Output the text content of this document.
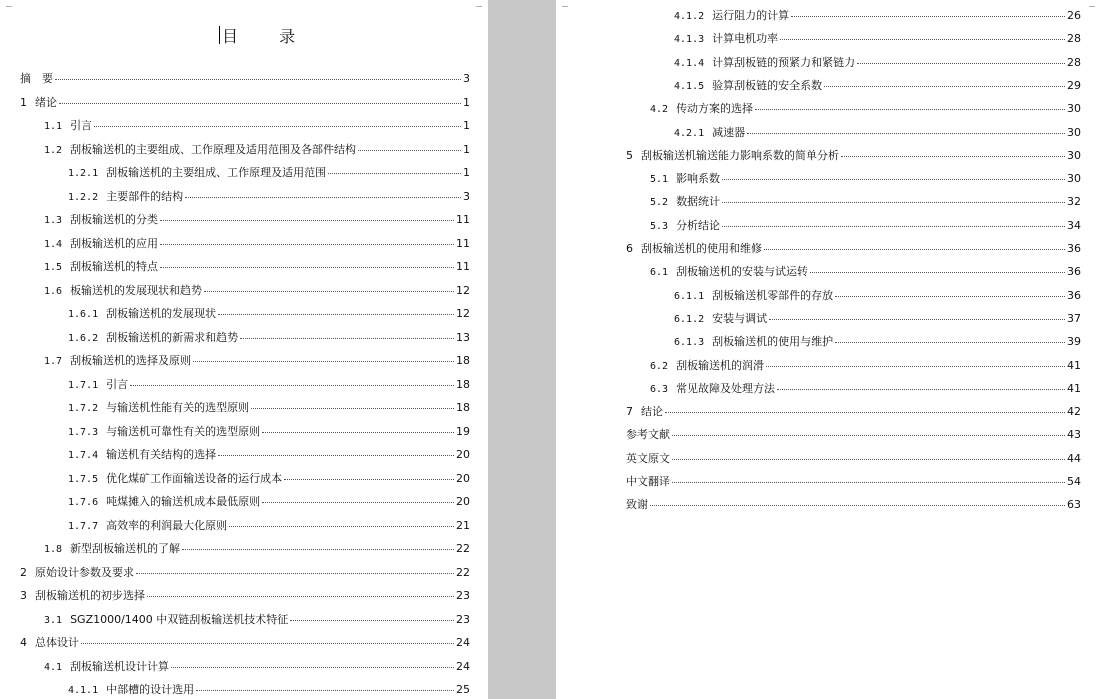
目 录
摘　要	3
1 绪论	1
1.1 引言	1
1.2 刮板输送机的主要组成、工作原理及适用范围及各部件结构	1
1.2.1 刮板输送机的主要组成、工作原理及适用范围	1
1.2.2 主要部件的结构	3
1.3 刮板输送机的分类	11
1.4 刮板输送机的应用	11
1.5 刮板输送机的特点	11
1.6 板输送机的发展现状和趋势	12
1.6.1 刮板输送机的发展现状	12
1.6.2 刮板输送机的新需求和趋势	13
1.7 刮板输送机的选择及原则	18
1.7.1 引言	18
1.7.2 与输送机性能有关的选型原则	18
1.7.3 与输送机可靠性有关的选型原则	19
1.7.4 输送机有关结构的选择	20
1.7.5 优化煤矿工作面输送设备的运行成本	20
1.7.6 吨煤摊入的输送机成本最低原则	20
1.7.7 高效率的利润最大化原则	21
1.8 新型刮板输送机的了解	22
2 原始设计参数及要求	22
3 刮板输送机的初步选择	23
3.1 SGZ1000/1400 中双链刮板输送机技术特征	23
4 总体设计	24
4.1 刮板输送机设计计算	24
4.1.1 中部槽的设计选用	25
4.1.2 运行阻力的计算	26
4.1.3 计算电机功率	28
4.1.4 计算刮板链的预紧力和紧链力	28
4.1.5 验算刮板链的安全系数	29
4.2 传动方案的选择	30
4.2.1 减速器	30
5 刮板输送机输送能力影响系数的简单分析	30
5.1 影响系数	30
5.2 数据统计	32
5.3 分析结论	34
6 刮板输送机的使用和维修	36
6.1 刮板输送机的安装与试运转	36
6.1.1 刮板输送机零部件的存放	36
6.1.2 安装与调试	37
6.1.3 刮板输送机的使用与维护	39
6.2 刮板输送机的润滑	41
6.3 常见故障及处理方法	41
7 结论	42
参考文献	43
英文原文	44
中文翻译	54
致谢	63
